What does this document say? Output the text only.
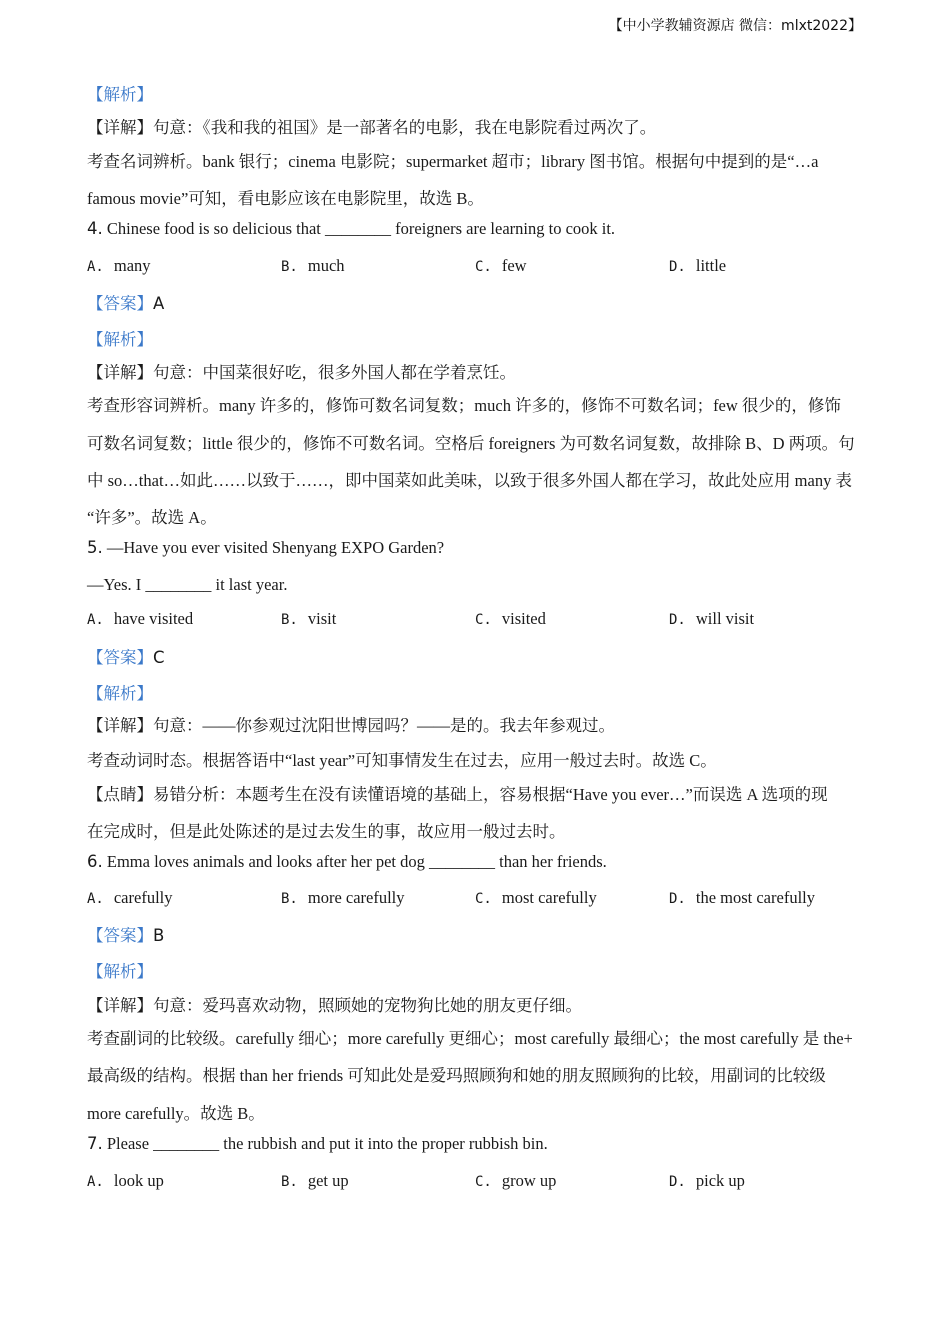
【中小学教辅资源店 微信：mlxt2022】
【解析】
【详解】句意：《我和我的祖国》是一部著名的电影，我在电影院看过两次了。
考查名词辨析。bank 银行；cinema 电影院；supermarket 超市；library 图书馆。根据句中提到的是“…a
famous movie”可知，看电影应该在电影院里，故选 B。
4. Chinese food is so delicious that ________ foreigners are learning to cook it.
A. many	B. much	C. few	D. little
【答案】A
【解析】
【详解】句意：中国菜很好吃，很多外国人都在学着烹饪。
考查形容词辨析。many 许多的，修饰可数名词复数；much 许多的，修饰不可数名词；few 很少的，修饰
可数名词复数；little 很少的，修饰不可数名词。空格后 foreigners 为可数名词复数，故排除 B、D 两项。句
中 so…that…如此……以致于……，即中国菜如此美味，以致于很多外国人都在学习，故此处应用 many 表
“许多”。故选 A。
5. —Have you ever visited Shenyang EXPO Garden?
—Yes. I ________ it last year.
A. have visited	B. visit	C. visited	D. will visit
【答案】C
【解析】
【详解】句意：——你参观过沈阳世博园吗？——是的。我去年参观过。
考查动词时态。根据答语中“last year”可知事情发生在过去，应用一般过去时。故选 C。
【点睛】易错分析：本题考生在没有读懂语境的基础上，容易根据“Have you ever…”而误选 A 选项的现
在完成时，但是此处陈述的是过去发生的事，故应用一般过去时。
6. Emma loves animals and looks after her pet dog ________ than her friends.
A. carefully	B. more carefully	C. most carefully	D. the most carefully
【答案】B
【解析】
【详解】句意：爱玛喜欢动物，照顾她的宠物狗比她的朋友更仔细。
考查副词的比较级。carefully 细心；more carefully 更细心；most carefully 最细心；the most carefully 是 the+
最高级的结构。根据 than her friends 可知此处是爱玛照顾狗和她的朋友照顾狗的比较，用副词的比较级
more carefully。故选 B。
7. Please ________ the rubbish and put it into the proper rubbish bin.
A. look up	B. get up	C. grow up	D. pick up
